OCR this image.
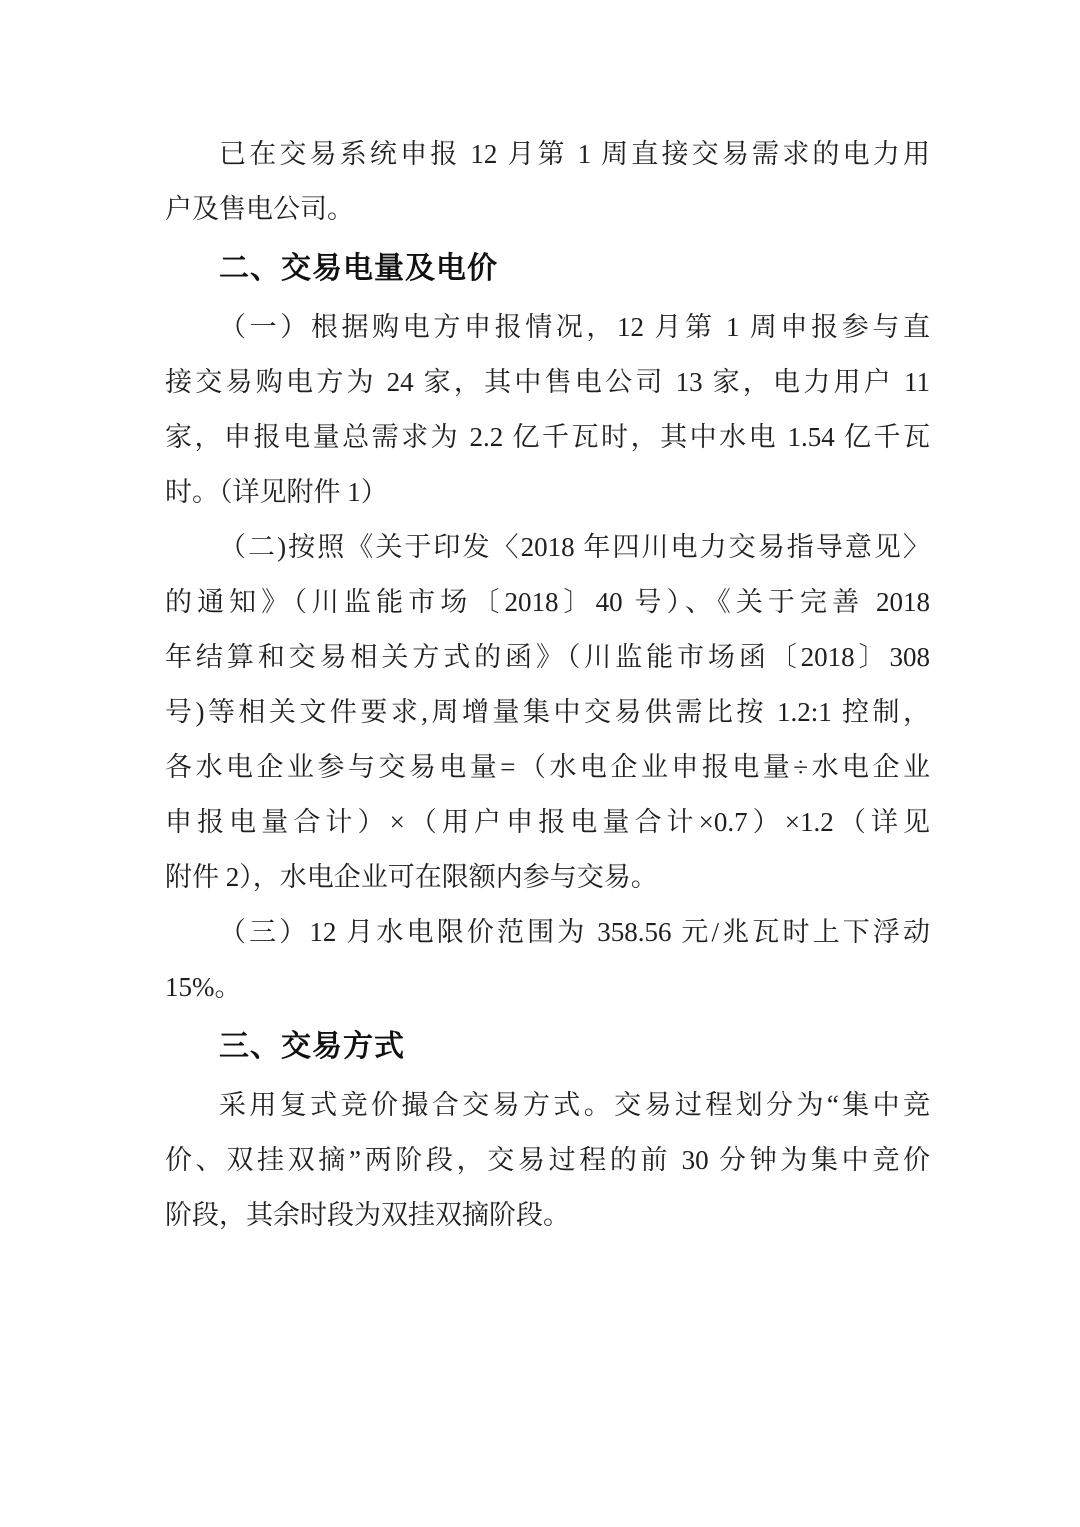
已在交易系统申报 12 月第 1 周直接交易需求的电力用

户及售电公司。

二、交易电量及电价

（一）根据购电方申报情况，12 月第 1 周申报参与直

接交易购电方为 24 家，其中售电公司 13 家，电力用户 11

家，申报电量总需求为 2.2 亿千瓦时，其中水电 1.54 亿千瓦

时。（详见附件 1）

（二)按照《关于印发〈2018 年四川电力交易指导意见〉

的通知》（川监能市场〔2018〕40 号）、《关于完善 2018

年结算和交易相关方式的函》（川监能市场函〔2018〕308

号)等相关文件要求,周增量集中交易供需比按 1.2:1 控制，

各水电企业参与交易电量=（水电企业申报电量÷水电企业

申报电量合计）×（用户申报电量合计×0.7）×1.2（详见

附件 2），水电企业可在限额内参与交易。

（三）12 月水电限价范围为 358.56 元/兆瓦时上下浮动

15%。

三、交易方式

采用复式竞价撮合交易方式。交易过程划分为“集中竞

价、双挂双摘”两阶段，交易过程的前 30 分钟为集中竞价

阶段，其余时段为双挂双摘阶段。
